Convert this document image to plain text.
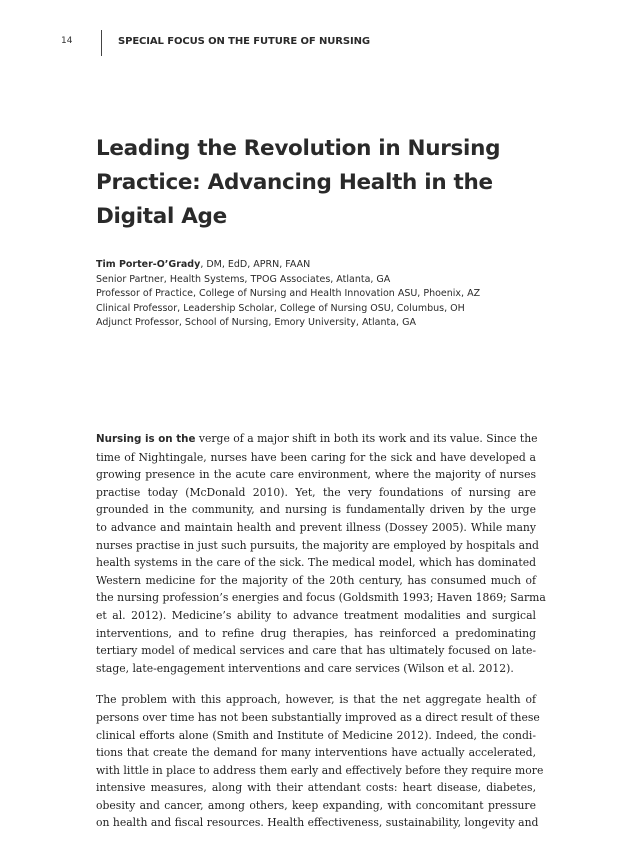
14	SPECIAL FOCUS ON THE FUTURE OF NURSING
Leading the Revolution in Nursing
Practice: Advancing Health in the
Digital Age
Tim Porter-O’Grady, DM, EdD, APRN, FAAN
Senior Partner, Health Systems, TPOG Associates, Atlanta, GA
Professor of Practice, College of Nursing and Health Innovation ASU, Phoenix, AZ
Clinical Professor, Leadership Scholar, College of Nursing OSU, Columbus, OH
Adjunct Professor, School of Nursing, Emory University, Atlanta, GA

Nursing is on the verge of a major shift in both its work and its value. Since the
time of Nightingale, nurses have been caring for the sick and have developed a
growing presence in the acute care environment, where the majority of nurses
practise today (McDonald 2010). Yet, the very foundations of nursing are
grounded in the community, and nursing is fundamentally driven by the urge
to advance and maintain health and prevent illness (Dossey 2005). While many
nurses practise in just such pursuits, the majority are employed by hospitals and
health systems in the care of the sick. The medical model, which has dominated
Western medicine for the majority of the 20th century, has consumed much of
the nursing profession’s energies and focus (Goldsmith 1993; Haven 1869; Sarma
et al. 2012). Medicine’s ability to advance treatment modalities and surgical
interventions, and to refine drug therapies, has reinforced a predominating
tertiary model of medical services and care that has ultimately focused on late-
stage, late-engagement interventions and care services (Wilson et al. 2012).

The problem with this approach, however, is that the net aggregate health of
persons over time has not been substantially improved as a direct result of these
clinical efforts alone (Smith and Institute of Medicine 2012). Indeed, the condi-
tions that create the demand for many interventions have actually accelerated,
with little in place to address them early and effectively before they require more
intensive measures, along with their attendant costs: heart disease, diabetes,
obesity and cancer, among others, keep expanding, with concomitant pressure
on health and fiscal resources. Health effectiveness, sustainability, longevity and
